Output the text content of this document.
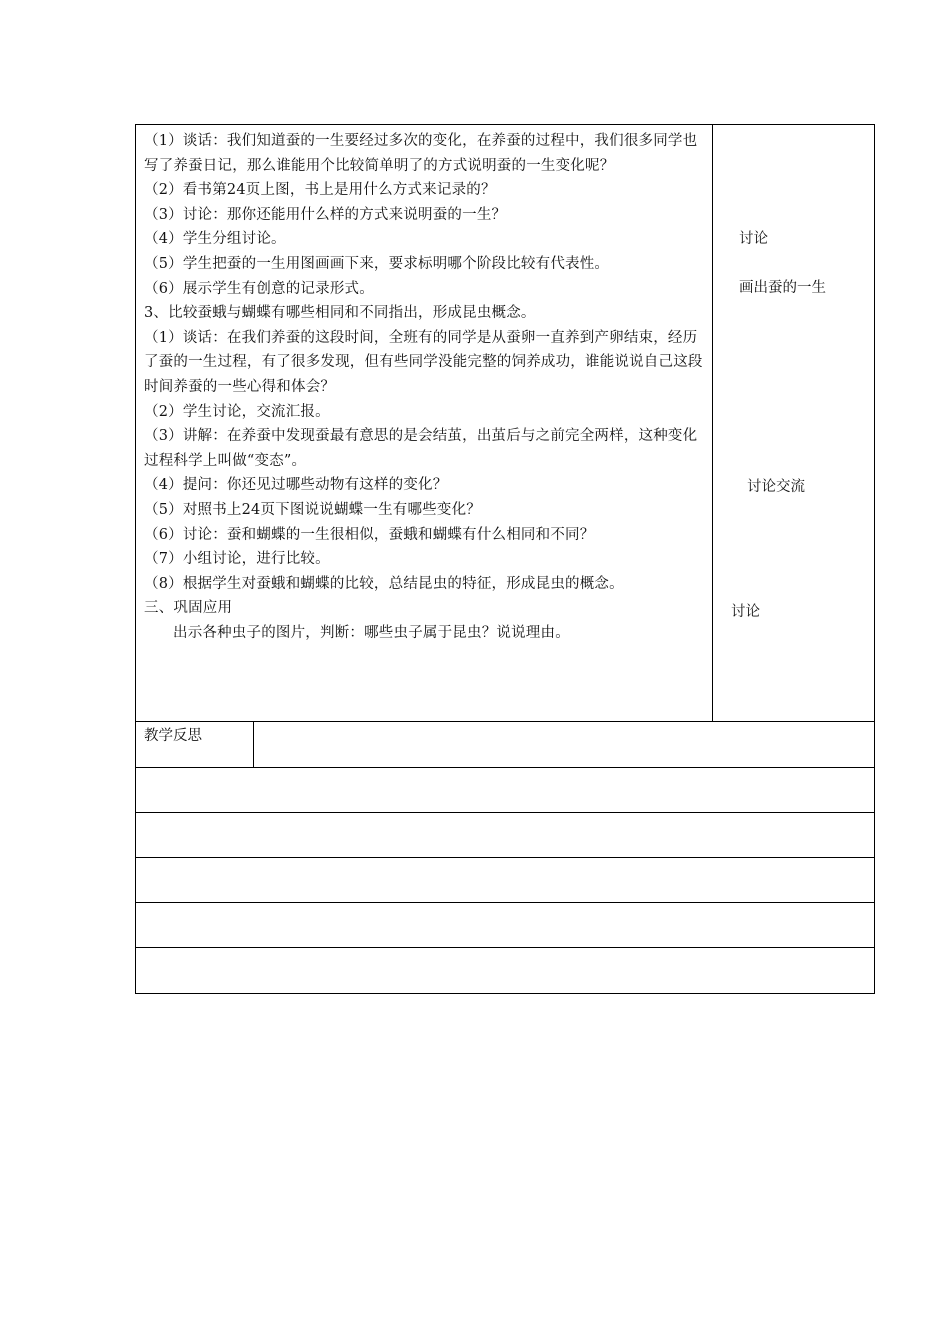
（1）谈话：我们知道蚕的一生要经过多次的变化，在养蚕的过程中，我们很多同学也写了养蚕日记，那么谁能用个比较简单明了的方式说明蚕的一生变化呢？

（2）看书第24页上图，书上是用什么方式来记录的？

（3）讨论：那你还能用什么样的方式来说明蚕的一生？

（4）学生分组讨论。

（5）学生把蚕的一生用图画画下来，要求标明哪个阶段比较有代表性。

（6）展示学生有创意的记录形式。

3、比较蚕蛾与蝴蝶有哪些相同和不同指出，形成昆虫概念。

（1）谈话：在我们养蚕的这段时间，全班有的同学是从蚕卵一直养到产卵结束，经历了蚕的一生过程，有了很多发现，但有些同学没能完整的饲养成功，谁能说说自己这段时间养蚕的一些心得和体会？

（2）学生讨论，交流汇报。

（3）讲解：在养蚕中发现蚕最有意思的是会结茧，出茧后与之前完全两样，这种变化过程科学上叫做“变态”。

（4）提问：你还见过哪些动物有这样的变化？

（5）对照书上24页下图说说蝴蝶一生有哪些变化？

（6）讨论：蚕和蝴蝶的一生很相似，蚕蛾和蝴蝶有什么相同和不同？

（7）小组讨论，进行比较。

（8）根据学生对蚕蛾和蝴蝶的比较，总结昆虫的特征，形成昆虫的概念。

三、巩固应用

出示各种虫子的图片，判断：哪些虫子属于昆虫？说说理由。

讨论
画出蚕的一生
讨论交流
讨论
教学反思
